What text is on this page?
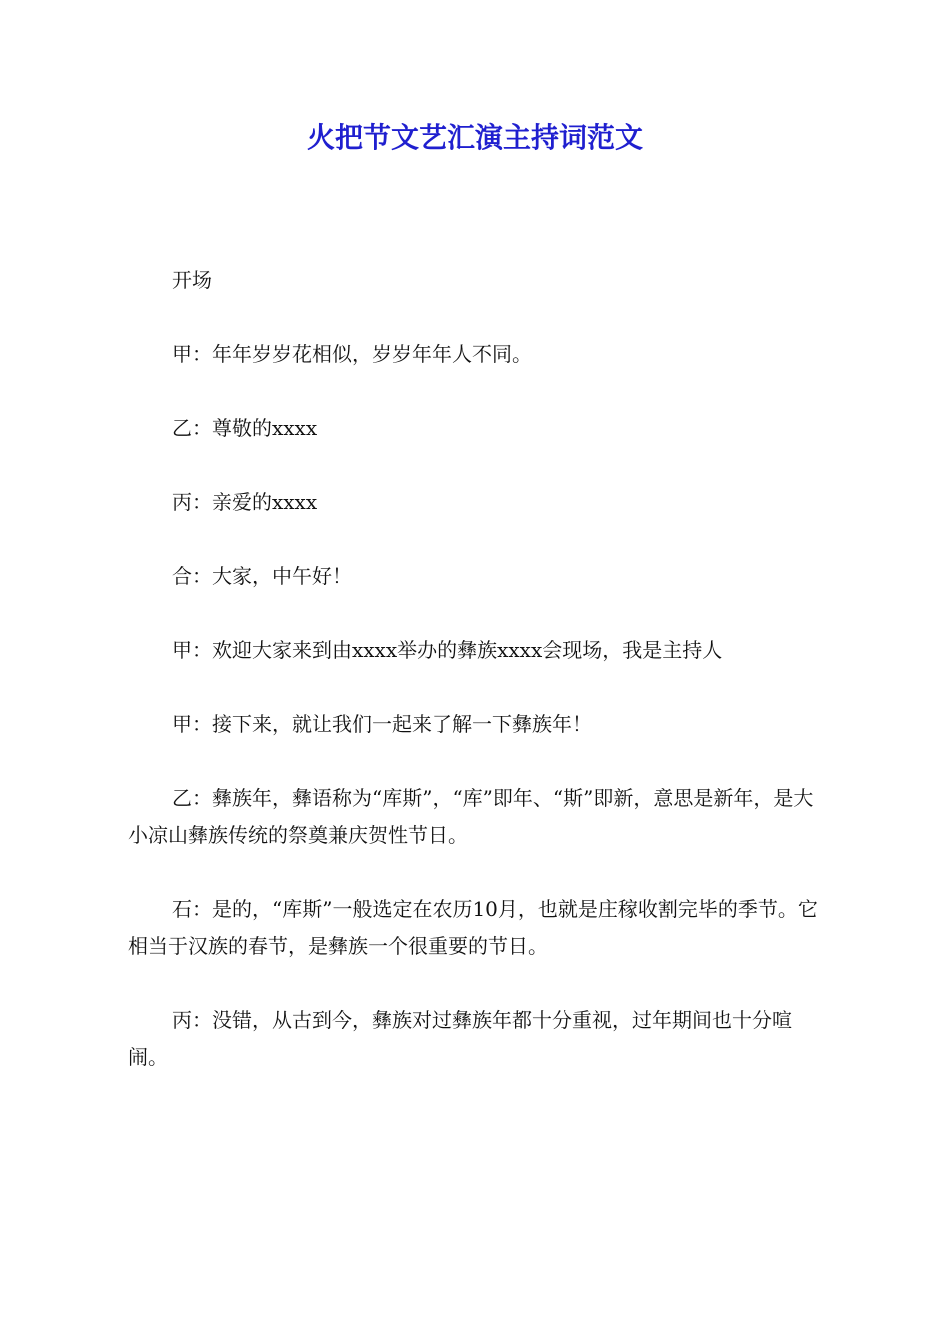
火把节文艺汇演主持词范文

开场

甲：年年岁岁花相似，岁岁年年人不同。

乙：尊敬的xxxx

丙：亲爱的xxxx

合：大家，中午好！

甲：欢迎大家来到由xxxx举办的彝族xxxx会现场，我是主持人

甲：接下来，就让我们一起来了解一下彝族年！

乙：彝族年，彝语称为“库斯”，“库”即年、“斯”即新，意思是新年，是大小凉山彝族传统的祭奠兼庆贺性节日。

石：是的，“库斯”一般选定在农历10月，也就是庄稼收割完毕的季节。它相当于汉族的春节，是彝族一个很重要的节日。

丙：没错，从古到今，彝族对过彝族年都十分重视，过年期间也十分喧闹。
